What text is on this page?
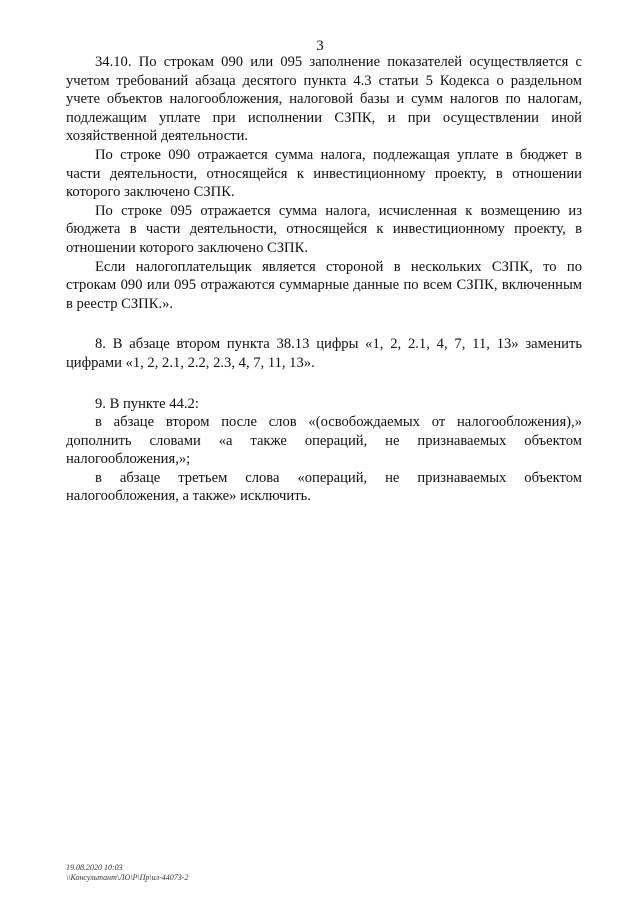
3

34.10. По строкам 090 или 095 заполнение показателей осуществляется с учетом требований абзаца десятого пункта 4.3 статьи 5 Кодекса о раздельном учете объектов налогообложения, налоговой базы и сумм налогов по налогам, подлежащим уплате при исполнении СЗПК, и при осуществлении иной хозяйственной деятельности.

По строке 090 отражается сумма налога, подлежащая уплате в бюджет в части деятельности, относящейся к инвестиционному проекту, в отношении которого заключено СЗПК.

По строке 095 отражается сумма налога, исчисленная к возмещению из бюджета в части деятельности, относящейся к инвестиционному проекту, в отношении которого заключено СЗПК.

Если налогоплательщик является стороной в нескольких СЗПК, то по строкам 090 или 095 отражаются суммарные данные по всем СЗПК, включенным в реестр СЗПК.».

8. В абзаце втором пункта 38.13 цифры «1, 2, 2.1, 4, 7, 11, 13» заменить цифрами «1, 2, 2.1, 2.2, 2.3, 4, 7, 11, 13».

9. В пункте 44.2:

в абзаце втором после слов «(освобождаемых от налогообложения),» дополнить словами «а также операций, не признаваемых объектом налогообложения,»;

в абзаце третьем слова «операций, не признаваемых объектом налогообложения, а также» исключить.

19.08.2020 10:03
\\Консультант\ЛО\Р\Пр\ил-44073-2
